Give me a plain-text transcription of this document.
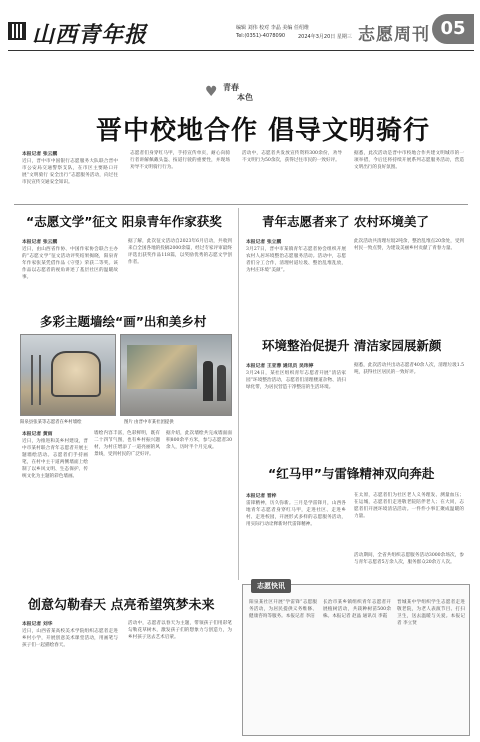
山西青年报	编辑 刘伟 校对 李晶 美编 任绍维
Tel:(0351)-4078090	2024年3月20日 星期三 志愿周刊 05
♥ 青春
本色
晋中校地合作 倡导文明骑行
本报记者 张云鹏
近日，晋中市中国银行志愿服务大队联合晋中市公安局交通警察支队，在市区主要路口开展“文明骑行 安全出行”志愿服务活动，向过往市民宣传交通安全知识。
志愿者们身穿红马甲，手持宣传单页，耐心向骑行者讲解佩戴头盔、按道行驶的重要性，并现场劝导不文明骑行行为。
活动中，志愿者共发放宣传资料300余份，劝导不文明行为50余次，获得过往市民的一致好评。
据悉，此次活动是晋中市校地合作共建文明城市的一项举措，今后还将持续开展系列志愿服务活动，营造文明出行的良好氛围。
“志愿文学”征文 阳泉青年作家获奖
本报记者 张云鹏
近日，由山西省作协、中国作家协会联合主办的“志愿文学”征文活动评奖结果揭晓，阳泉青年作家张某凭借作品《守望》荣获二等奖。该作品以志愿者的视角讲述了基层社区的温暖故事。
据了解，此次征文活动自2023年6月启动，共收到来自全国各地的投稿2000余篇，经过专家评审最终评选出获奖作品118篇，以奖励优秀的志愿文学创作者。
多彩主题墙绘“画”出和美乡村
阳泉县张某等志愿者在乡村墙绘	图片 由晋中市某社团提供
本报记者 黄雨
近日，为推进和美乡村建设，晋中市某村联合青年志愿者开展主题墙绘活动。志愿者们手持画笔，在村中主干道两侧墙面上绘制了以乡风文明、生态保护、传统文化为主题的彩色墙画。
墙绘内容丰富，色彩鲜明，既有二十四节气图，也有乡村振兴题材，为村庄增添了一道亮丽的风景线，受到村民的广泛好评。
据介绍，此次墙绘共完成墙面面积800余平方米，参与志愿者30余人，历时半个月完成。
创意勾勒春天 点亮希望筑梦未来
本报记者 刘华
近日，山西省某高校美术学院组织志愿者走进乡村小学，开展创意美术课堂活动，用画笔与孩子们一起描绘春天。
活动中，志愿者以春天为主题，带领孩子们用彩笔勾勒花草树木，激发孩子们的想象力与创造力，为乡村孩子送去艺术启蒙。
青年志愿者来了 农村环境美了
本报记者 张立鹏
3月27日，晋中市某镇青年志愿者协会组织开展农村人居环境整治志愿服务活动。活动中，志愿者们分工合作，清理村道垃圾、整治乱堆乱放，为村庄环境“美颜”。
此次活动共清理垃圾2吨余，整治乱堆点20余处，受到村民一致点赞，为建设美丽乡村贡献了青春力量。
环境整治促提升 清洁家园展新颜
本报记者 王亚蓉 通讯员 吴玮婷
3月24日，某社区组织青年志愿者开展“清洁家园”环境整治活动，志愿者们清理楼道杂物、清扫绿化带，为居民营造干净整洁的生活环境。
据悉，此次活动共出动志愿者40余人次，清理垃圾1.5吨，获得社区居民的一致好评。
“红马甲”与雷锋精神双向奔赴
本报记者 晋梓
雷锋精神，历久弥新。三月是学雷锋月，山西各地青年志愿者身穿红马甲，走进社区、走进乡村、走进校园，开展形式多样的志愿服务活动，用实际行动诠释新时代雷锋精神。
在太原，志愿者们为社区老人义务理发、测量血压；在运城，志愿者们走进敬老院陪伴老人；在大同，志愿者们开展环境清洁活动。一件件小事汇聚成温暖的力量。
活动期间，全省共组织志愿服务活动3000余场次，参与青年志愿者5万余人次，服务群众20余万人次。
志愿快讯
阳泉某社区开展“学雷锋”志愿服务活动，为居民提供义务维修、健康咨询等服务。本报记者 李洁
长治市某乡镇组织青年志愿者开展植树活动，共栽种树苗500余株。本报记者 赵晶 通讯员 李霞
晋城某中学组织学生志愿者走进敬老院，为老人表演节目、打扫卫生，送去温暖与关爱。本报记者 李立贤
